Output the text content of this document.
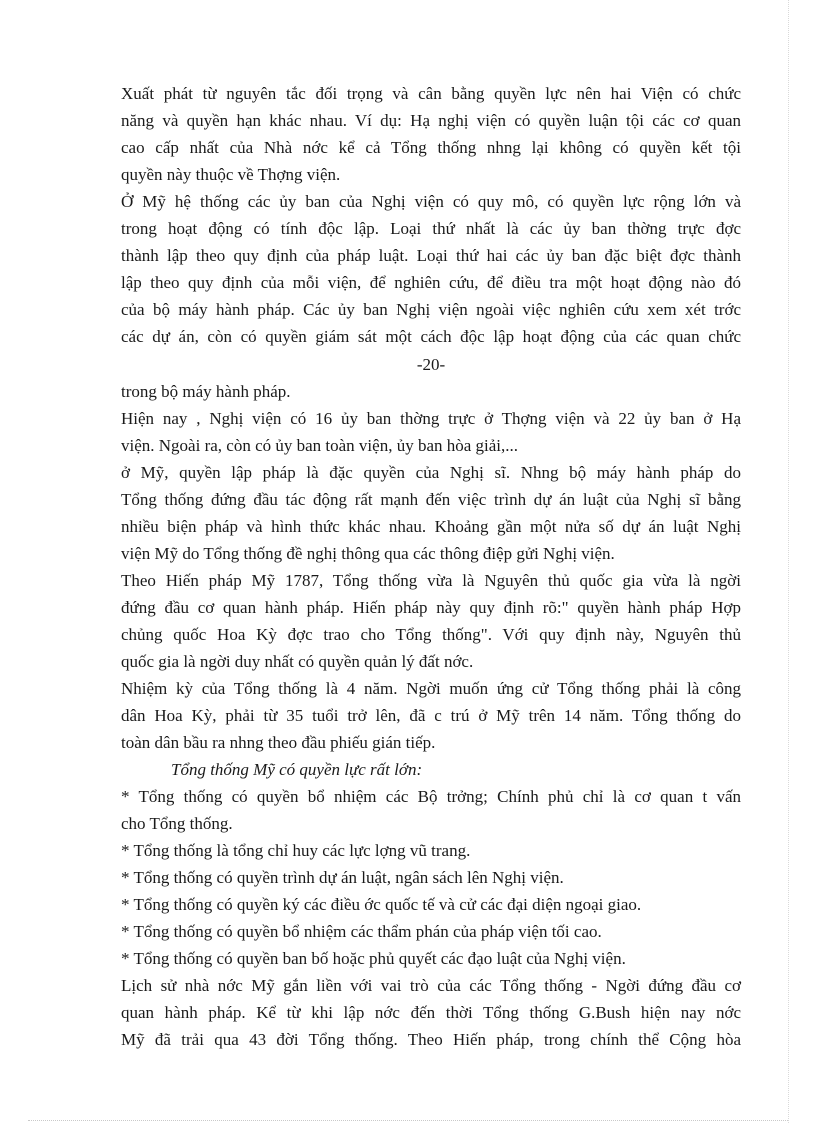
Xuất phát từ nguyên tắc đối trọng và cân bằng quyền lực nên hai Viện có chức
năng và quyền hạn khác nhau. Ví dụ: Hạ nghị viện có quyền luận tội các cơ quan
cao cấp nhất của Nhà nớc kể cả Tổng thống nhng lại không có quyền kết tội
quyền này thuộc về Thợng viện.
Ở Mỹ hệ thống các ủy ban của Nghị viện có quy mô, có quyền lực rộng lớn và
trong hoạt động có tính độc lập. Loại thứ nhất là các ủy ban thờng trực đợc
thành lập theo quy định của pháp luật. Loại thứ hai các ủy ban đặc biệt đợc thành
lập theo quy định của mỗi viện, để nghiên cứu, để điều tra một hoạt động nào đó
của bộ máy hành pháp. Các ủy ban Nghị viện ngoài việc nghiên cứu xem xét trớc
các dự án, còn có quyền giám sát một cách độc lập hoạt động của các quan chức
-20-
trong bộ máy hành pháp.
Hiện nay , Nghị viện có 16 ủy ban thờng trực ở Thợng viện và 22 ủy ban ở Hạ
viện. Ngoài ra, còn có ủy ban toàn viện, ủy ban hòa giải,...
ở Mỹ, quyền lập pháp là đặc quyền của Nghị sĩ. Nhng bộ máy hành pháp do
Tổng thống đứng đầu tác động rất mạnh đến việc trình dự án luật của Nghị sĩ bằng
nhiều biện pháp và hình thức khác nhau. Khoảng gần một nửa số dự án luật Nghị
viện Mỹ do Tổng thống đề nghị thông qua các thông điệp gửi Nghị viện.
Theo Hiến pháp Mỹ 1787, Tổng thống vừa là Nguyên thủ quốc gia vừa là ngời
đứng đầu cơ quan hành pháp. Hiến pháp này quy định rõ:" quyền hành pháp Hợp
chủng quốc Hoa Kỳ đợc trao cho Tổng thống". Với quy định này, Nguyên thủ
quốc gia là ngời duy nhất có quyền quản lý đất nớc.
Nhiệm kỳ của Tổng thống là 4 năm. Ngời muốn ứng cử Tổng thống phải là công
dân Hoa Kỳ, phải từ 35 tuổi trở lên, đã c trú ở Mỹ trên 14 năm. Tổng thống do
toàn dân bầu ra nhng theo đầu phiếu gián tiếp.
Tổng thống Mỹ có quyền lực rất lớn:
* Tổng thống có quyền bổ nhiệm các Bộ trởng; Chính phủ chỉ là cơ quan t vấn
cho Tổng thống.
* Tổng thống là tổng chỉ huy các lực lợng vũ trang.
* Tổng thống có quyền trình dự án luật, ngân sách lên Nghị viện.
* Tổng thống có quyền ký các điều ớc quốc tế và cử các đại diện ngoại giao.
* Tổng thống có quyền bổ nhiệm các thẩm phán của pháp viện tối cao.
* Tổng thống có quyền ban bố hoặc phủ quyết các đạo luật của Nghị viện.
Lịch sử nhà nớc Mỹ gắn liền với vai trò của các Tổng thống - Ngời đứng đầu cơ
quan hành pháp. Kể từ khi lập nớc đến thời Tổng thống G.Bush hiện nay nớc
Mỹ đã trải qua 43 đời Tổng thống. Theo Hiến pháp, trong chính thể Cộng hòa
